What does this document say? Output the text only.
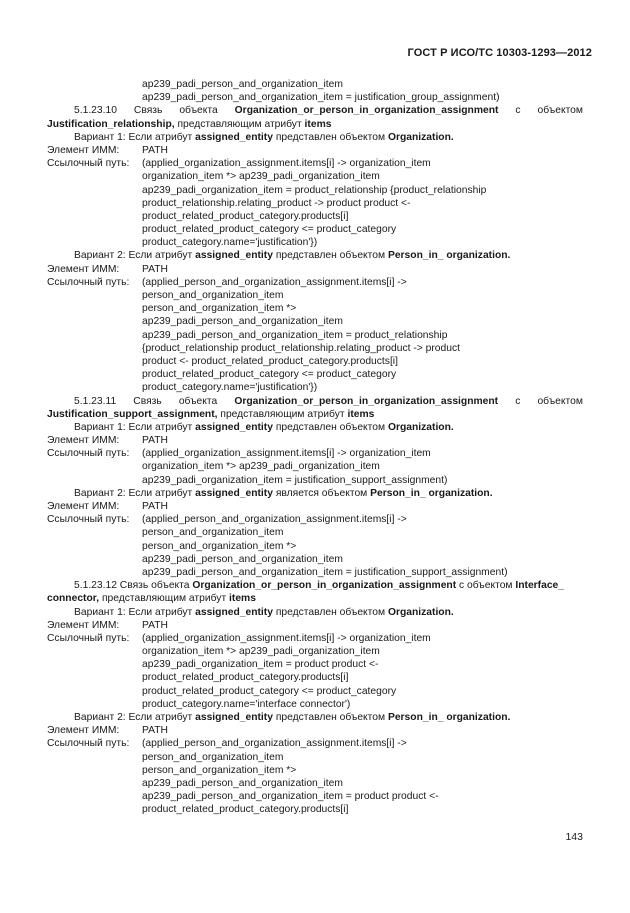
ГОСТ Р ИСО/ТС 10303-1293—2012
ap239_padi_person_and_organization_item
ap239_padi_person_and_organization_item = justification_group_assignment)
5.1.23.10 Связь объекта Organization_or_person_in_organization_assignment с объектом
Justification_relationship, представляющим атрибут items
Вариант 1: Если атрибут assigned_entity представлен объектом Organization.
Элемент ИММ: PATH
Ссылочный путь: (applied_organization_assignment.items[i] -> organization_item
organization_item *> ap239_padi_organization_item
ap239_padi_organization_item = product_relationship {product_relationship
product_relationship.relating_product -> product product <-
product_related_product_category.products[i]
product_related_product_category <= product_category
product_category.name='justification'})
Вариант 2: Если атрибут assigned_entity представлен объектом Person_in_ organization.
Элемент ИММ: PATH
Ссылочный путь: (applied_person_and_organization_assignment.items[i] ->
person_and_organization_item
person_and_organization_item *>
ap239_padi_person_and_organization_item
ap239_padi_person_and_organization_item = product_relationship
{product_relationship product_relationship.relating_product -> product
product <- product_related_product_category.products[i]
product_related_product_category <= product_category
product_category.name='justification'})
5.1.23.11 Связь объекта Organization_or_person_in_organization_assignment с объектом
Justification_support_assignment, представляющим атрибут items
Вариант 1: Если атрибут assigned_entity представлен объектом Organization.
Элемент ИММ: PATH
Ссылочный путь: (applied_organization_assignment.items[i] -> organization_item
organization_item *> ap239_padi_organization_item
ap239_padi_organization_item = justification_support_assignment)
Вариант 2: Если атрибут assigned_entity является объектом Person_in_ organization.
Элемент ИММ: PATH
Ссылочный путь: (applied_person_and_organization_assignment.items[i] ->
person_and_organization_item
person_and_organization_item *>
ap239_padi_person_and_organization_item
ap239_padi_person_and_organization_item = justification_support_assignment)
5.1.23.12 Связь объекта Organization_or_person_in_organization_assignment с объектом Interface_
connector, представляющим атрибут items
Вариант 1: Если атрибут assigned_entity представлен объектом Organization.
Элемент ИММ: PATH
Ссылочный путь: (applied_organization_assignment.items[i] -> organization_item
organization_item *> ap239_padi_organization_item
ap239_padi_organization_item = product product <-
product_related_product_category.products[i]
product_related_product_category <= product_category
product_category.name='interface connector')
Вариант 2: Если атрибут assigned_entity представлен объектом Person_in_ organization.
Элемент ИММ: PATH
Ссылочный путь: (applied_person_and_organization_assignment.items[i] ->
person_and_organization_item
person_and_organization_item *>
ap239_padi_person_and_organization_item
ap239_padi_person_and_organization_item = product product <-
product_related_product_category.products[i]
143
